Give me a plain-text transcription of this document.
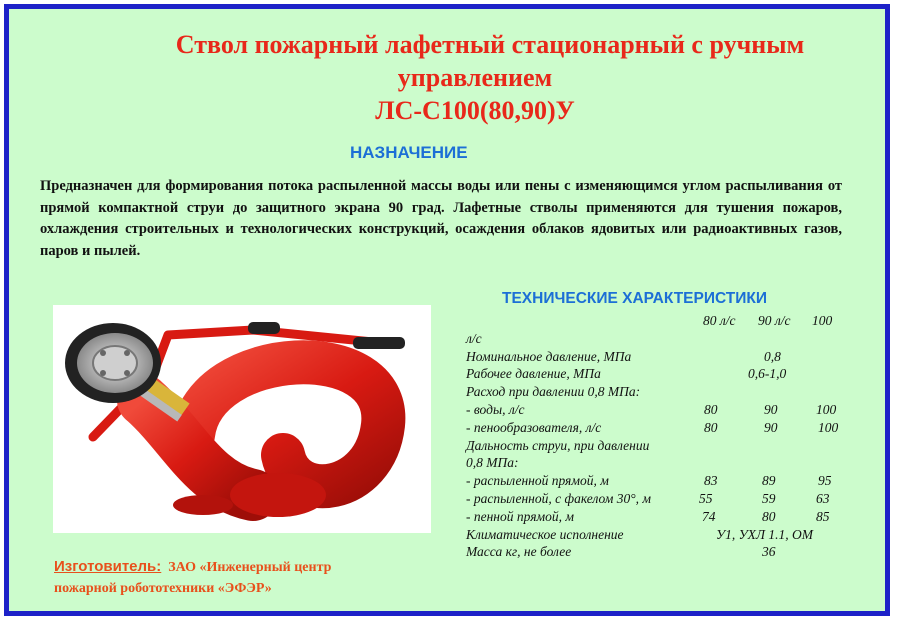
Ствол пожарный лафетный стационарный с ручным
управлением
ЛС-С100(80,90)У
НАЗНАЧЕНИЕ
Предназначен для формирования потока распыленной массы воды или пены с изменяющимся углом распыливания от прямой компактной струи до защитного экрана 90 град. Лафетные стволы применяются для тушения пожаров, охлаждения строительных и технологических конструкций, осаждения облаков ядовитых или радиоактивных газов, паров и пылей.
Изготовитель: ЗАО «Инженерный центр
пожарной робототехники «ЭФЭР»
ТЕХНИЧЕСКИЕ ХАРАКТЕРИСТИКИ
80 л/с 90 л/с 100
л/с
Номинальное давление, МПа	0,8
Рабочее давление, МПа	0,6-1,0
Расход при давлении 0,8 МПа:
- воды, л/с	80	90	100
- пенообразователя, л/с	80	90	100
Дальность струи, при давлении
0,8 МПа:
- распыленной прямой, м	83	89	95
- распыленной, с факелом 30°, м	55	59	63
- пенной прямой, м	74	80	85
Климатическое исполнение	У1, УХЛ 1.1, ОМ
Масса кг, не более	36
